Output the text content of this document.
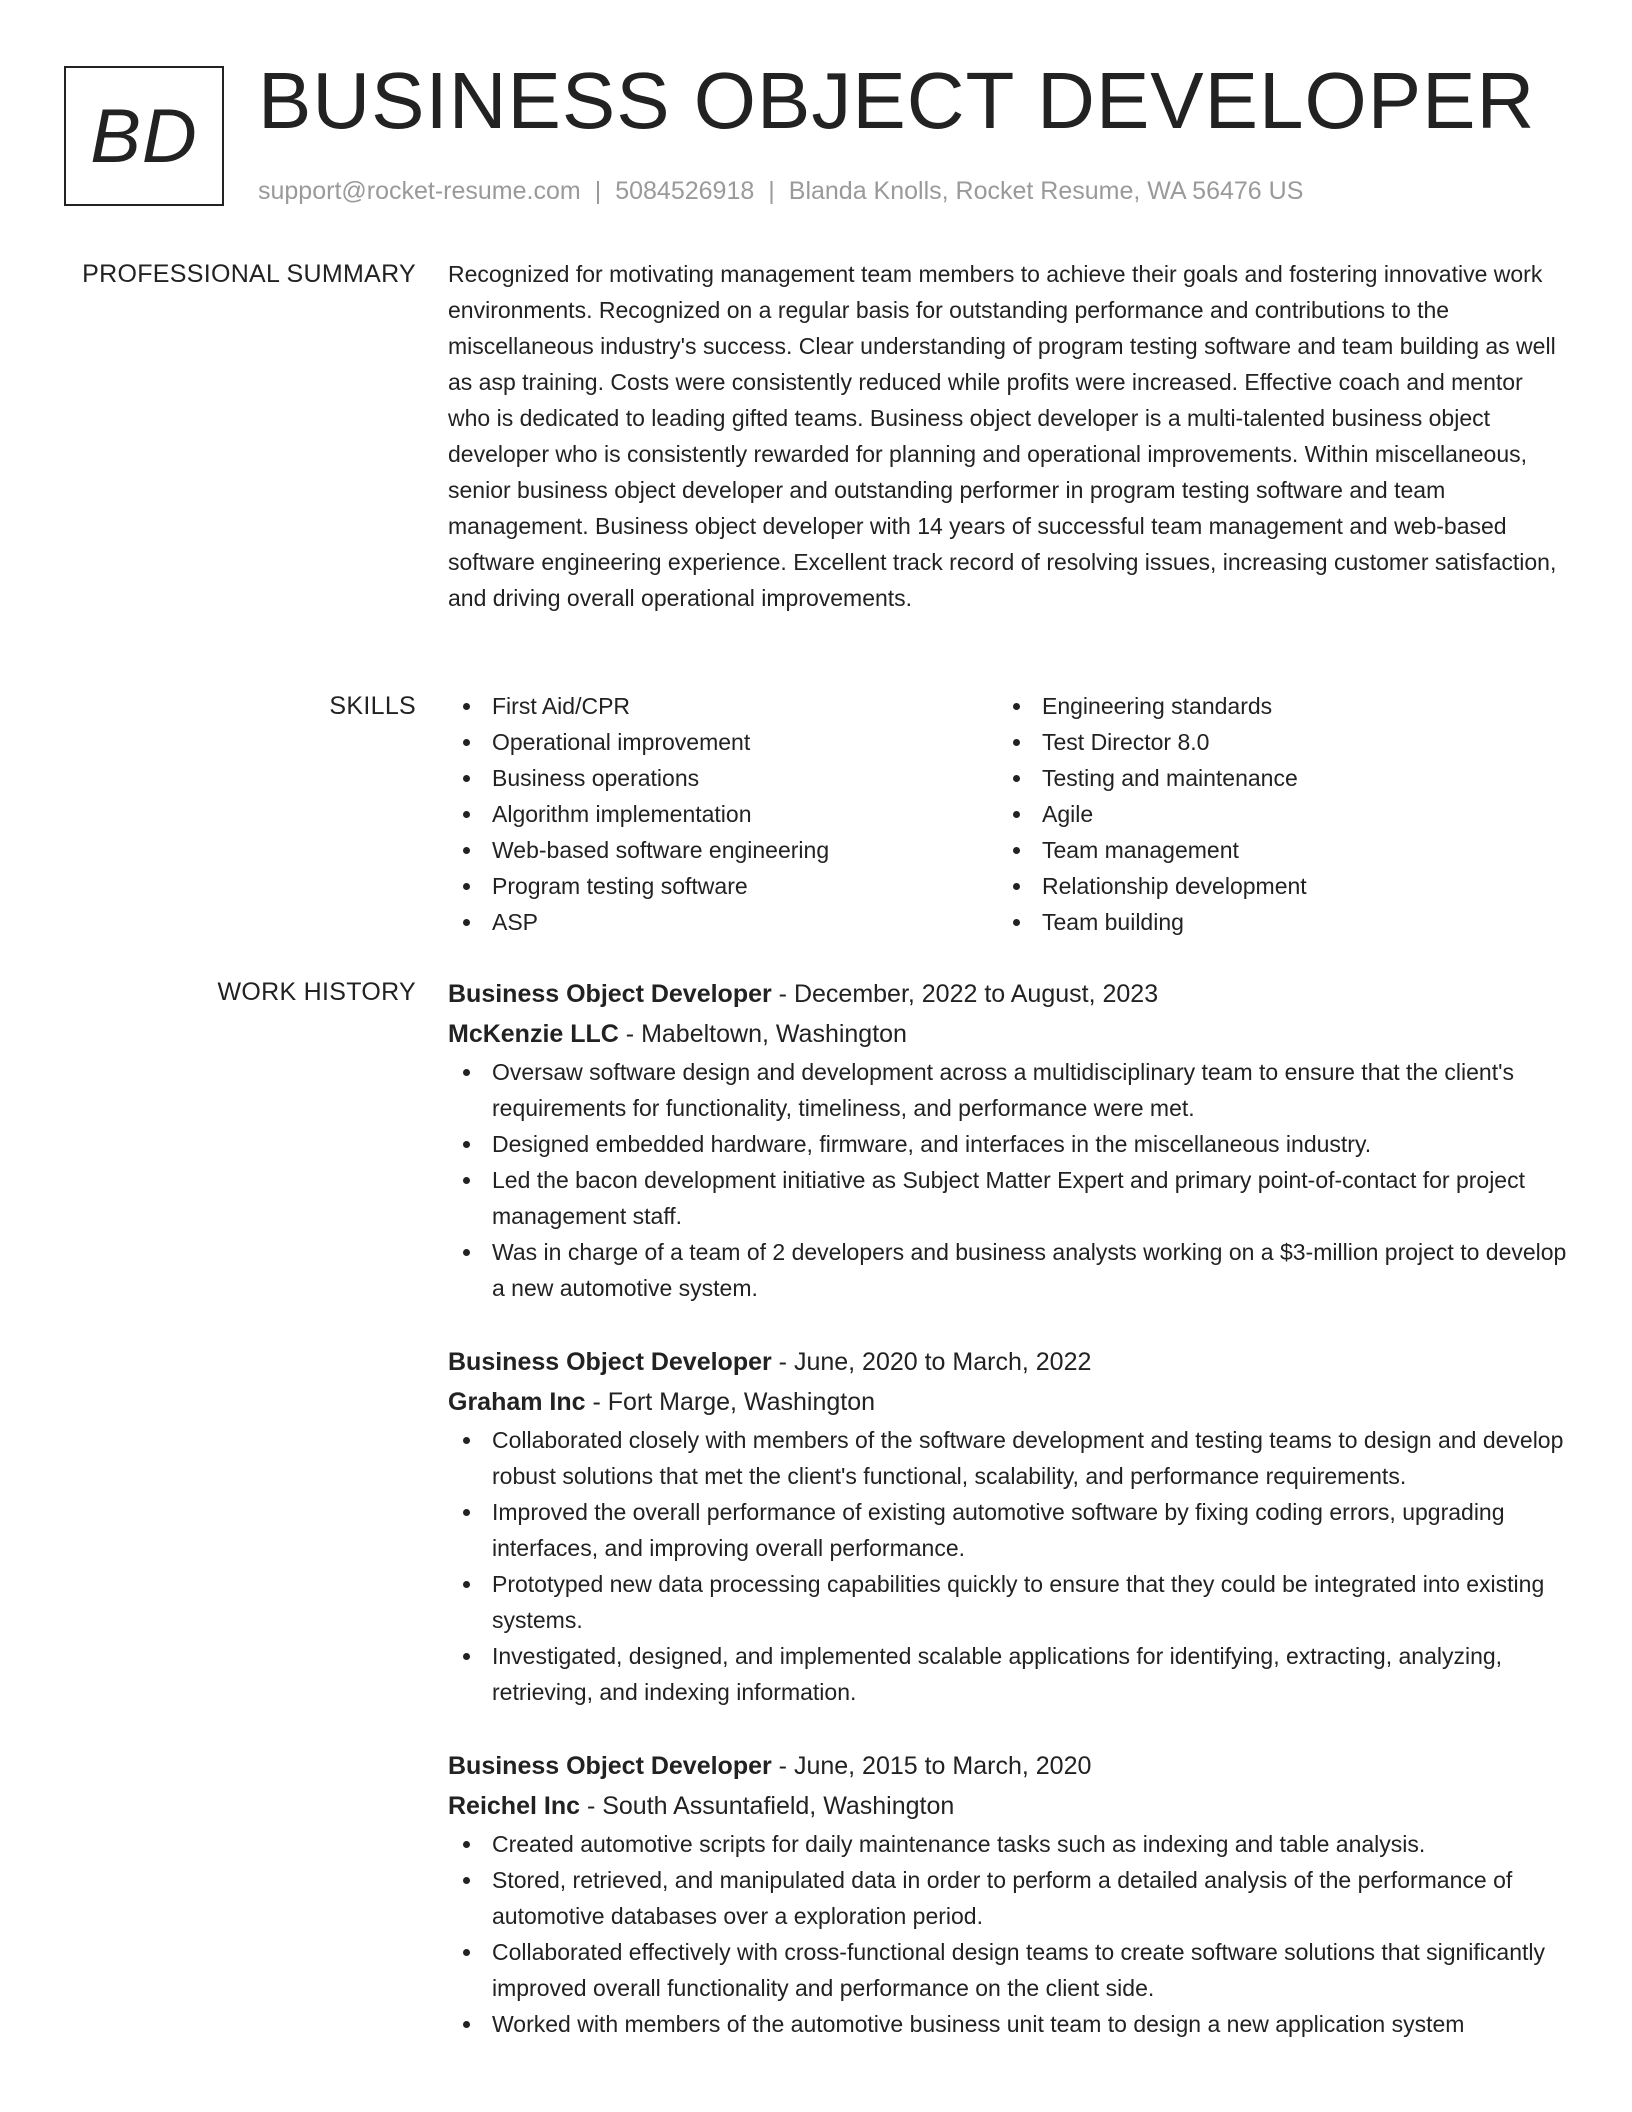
BD BUSINESS OBJECT DEVELOPER
support@rocket-resume.com | 5084526918 | Blanda Knolls, Rocket Resume, WA 56476 US
PROFESSIONAL SUMMARY Recognized for motivating management team members to achieve their goals and fostering innovative work environments. Recognized on a regular basis for outstanding performance and contributions to the miscellaneous industry's success. Clear understanding of program testing software and team building as well as asp training. Costs were consistently reduced while profits were increased. Effective coach and mentor who is dedicated to leading gifted teams. Business object developer is a multi-talented business object developer who is consistently rewarded for planning and operational improvements. Within miscellaneous, senior business object developer and outstanding performer in program testing software and team management. Business object developer with 14 years of successful team management and web-based software engineering experience. Excellent track record of resolving issues, increasing customer satisfaction, and driving overall operational improvements.

SKILLS	First Aid/CPR
Operational improvement
Business operations
Algorithm implementation
Web-based software engineering
Program testing software
ASP
Engineering standards
Test Director 8.0
Testing and maintenance
Agile
Team management
Relationship development
Team building
WORK HISTORY Business Object Developer - December, 2022 to August, 2023
McKenzie LLC - Mabeltown, Washington
Oversaw software design and development across a multidisciplinary team to ensure that the client's requirements for functionality, timeliness, and performance were met.
Designed embedded hardware, firmware, and interfaces in the miscellaneous industry.
Led the bacon development initiative as Subject Matter Expert and primary point-of-contact for project management staff.
Was in charge of a team of 2 developers and business analysts working on a $3-million project to develop a new automotive system.
Business Object Developer - June, 2020 to March, 2022
Graham Inc - Fort Marge, Washington
Collaborated closely with members of the software development and testing teams to design and develop robust solutions that met the client's functional, scalability, and performance requirements.
Improved the overall performance of existing automotive software by fixing coding errors, upgrading interfaces, and improving overall performance.
Prototyped new data processing capabilities quickly to ensure that they could be integrated into existing systems.
Investigated, designed, and implemented scalable applications for identifying, extracting, analyzing, retrieving, and indexing information.
Business Object Developer - June, 2015 to March, 2020
Reichel Inc - South Assuntafield, Washington
Created automotive scripts for daily maintenance tasks such as indexing and table analysis.
Stored, retrieved, and manipulated data in order to perform a detailed analysis of the performance of automotive databases over a exploration period.
Collaborated effectively with cross-functional design teams to create software solutions that significantly improved overall functionality and performance on the client side.
Worked with members of the automotive business unit team to design a new application system
